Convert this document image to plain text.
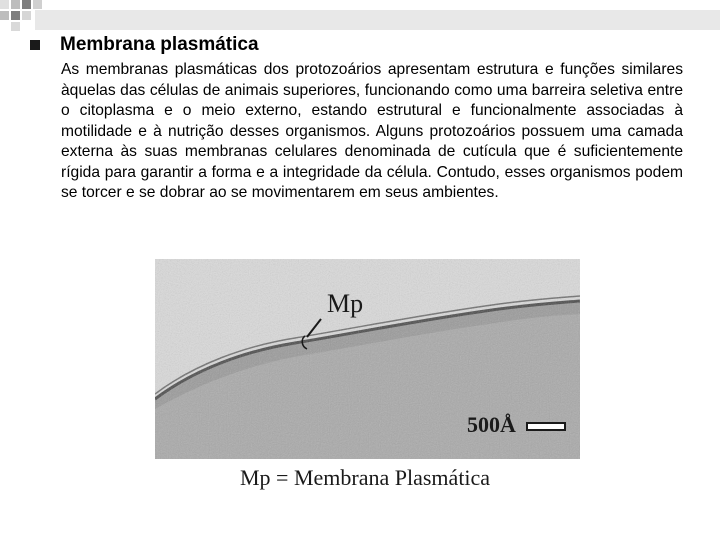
Membrana plasmática
As membranas plasmáticas dos protozoários apresentam estrutura e funções similares àquelas das células de animais superiores, funcionando como uma barreira seletiva entre o citoplasma e o meio externo, estando estrutural e funcionalmente associadas à motilidade e à nutrição desses organismos. Alguns protozoários possuem uma camada externa às suas membranas celulares denominada de cutícula que é suficientemente rígida para garantir a forma e a integridade da célula. Contudo, esses organismos podem se torcer e se dobrar ao se movimentarem em seus ambientes.
Mp
500Å
Mp = Membrana Plasmática
